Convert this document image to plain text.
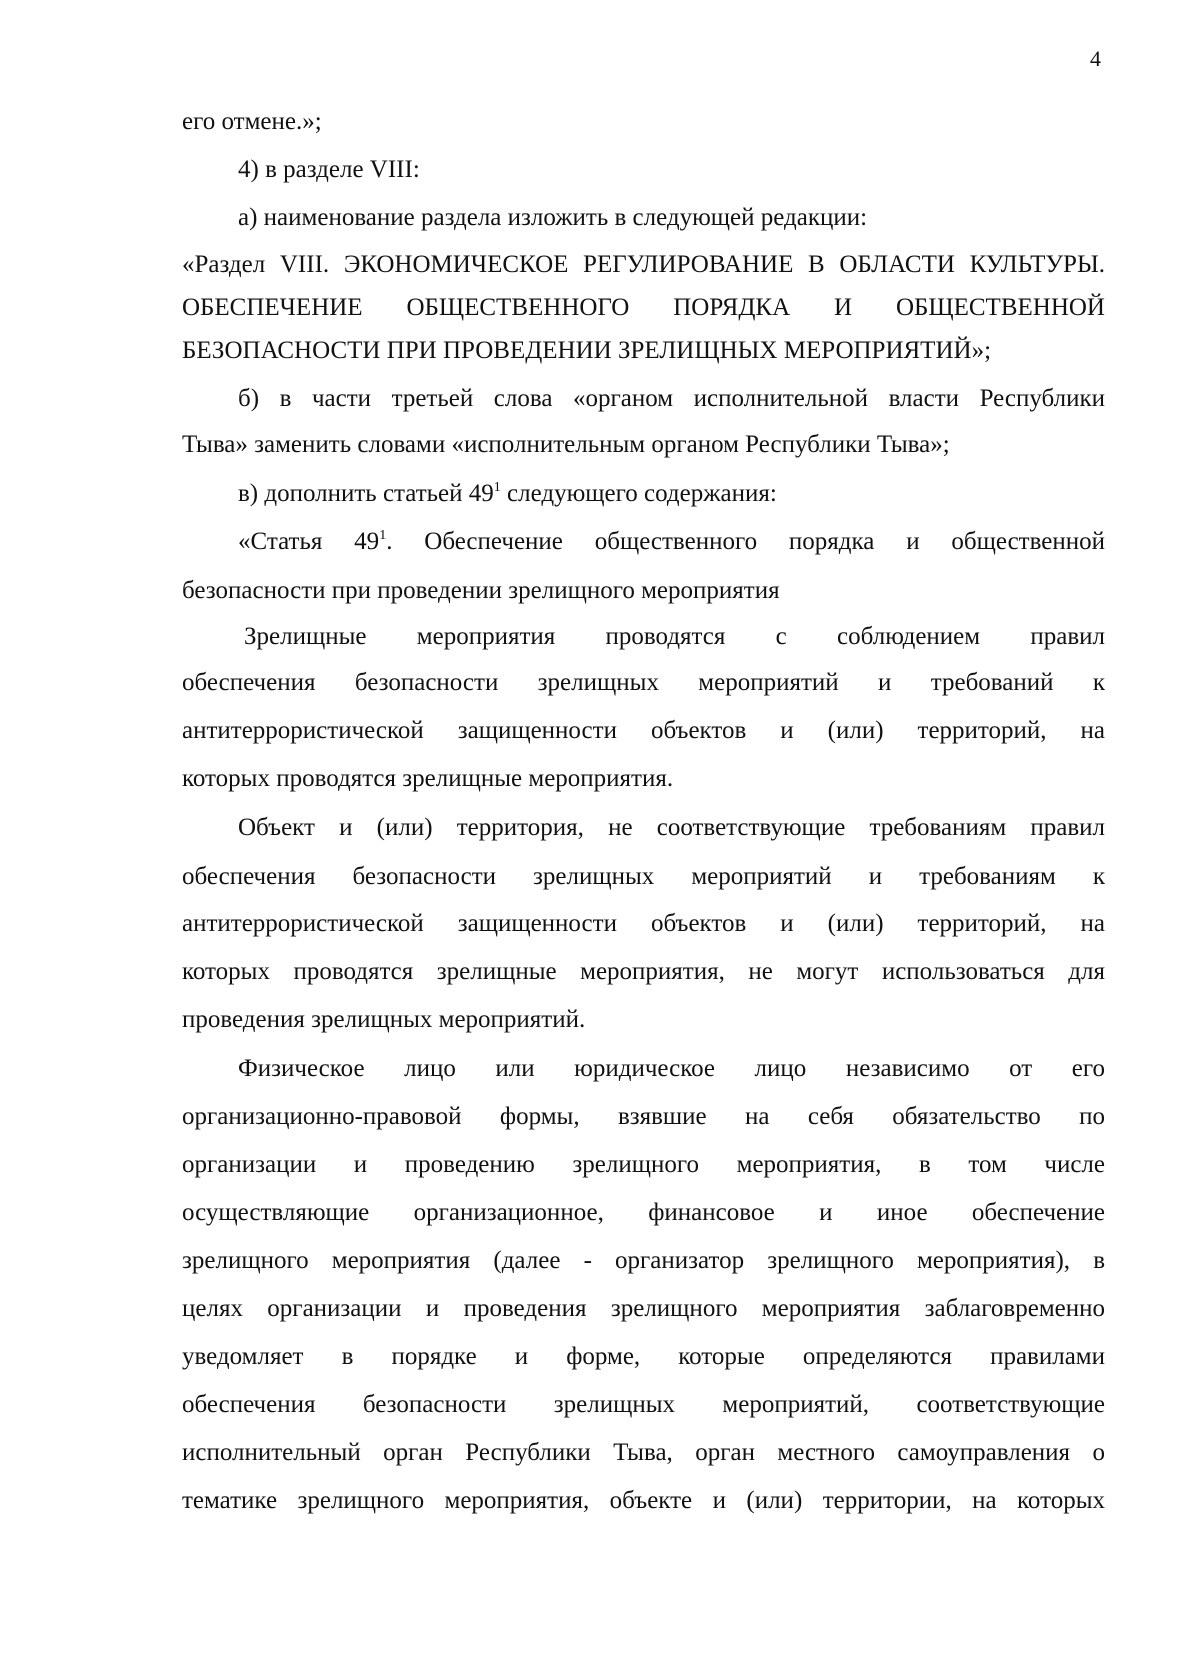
4
его отмене.»;
4) в разделе VIII:
а) наименование раздела изложить в следующей редакции:
«Раздел VIII. ЭКОНОМИЧЕСКОЕ РЕГУЛИРОВАНИЕ В ОБЛАСТИ КУЛЬТУРЫ.
ОБЕСПЕЧЕНИЕ ОБЩЕСТВЕННОГО ПОРЯДКА И ОБЩЕСТВЕННОЙ
БЕЗОПАСНОСТИ ПРИ ПРОВЕДЕНИИ ЗРЕЛИЩНЫХ МЕРОПРИЯТИЙ»;
б) в части третьей слова «органом исполнительной власти Республики
Тыва» заменить словами «исполнительным органом Республики Тыва»;
в) дополнить статьей $49^1$ следующего содержания:
«Статья $49^1$. Обеспечение общественного порядка и общественной
безопасности при проведении зрелищного мероприятия
Зрелищные мероприятия проводятся с соблюдением правил
обеспечения безопасности зрелищных мероприятий и требований к
антитеррористической защищенности объектов и (или) территорий, на
которых проводятся зрелищные мероприятия.
Объект и (или) территория, не соответствующие требованиям правил
обеспечения безопасности зрелищных мероприятий и требованиям к
антитеррористической защищенности объектов и (или) территорий, на
которых проводятся зрелищные мероприятия, не могут использоваться для
проведения зрелищных мероприятий.
Физическое лицо или юридическое лицо независимо от его
организационно-правовой формы, взявшие на себя обязательство по
организации и проведению зрелищного мероприятия, в том числе
осуществляющие организационное, финансовое и иное обеспечение
зрелищного мероприятия (далее - организатор зрелищного мероприятия), в
целях организации и проведения зрелищного мероприятия заблаговременно
уведомляет в порядке и форме, которые определяются правилами
обеспечения безопасности зрелищных мероприятий, соответствующие
исполнительный орган Республики Тыва, орган местного самоуправления о
тематике зрелищного мероприятия, объекте и (или) территории, на которых
